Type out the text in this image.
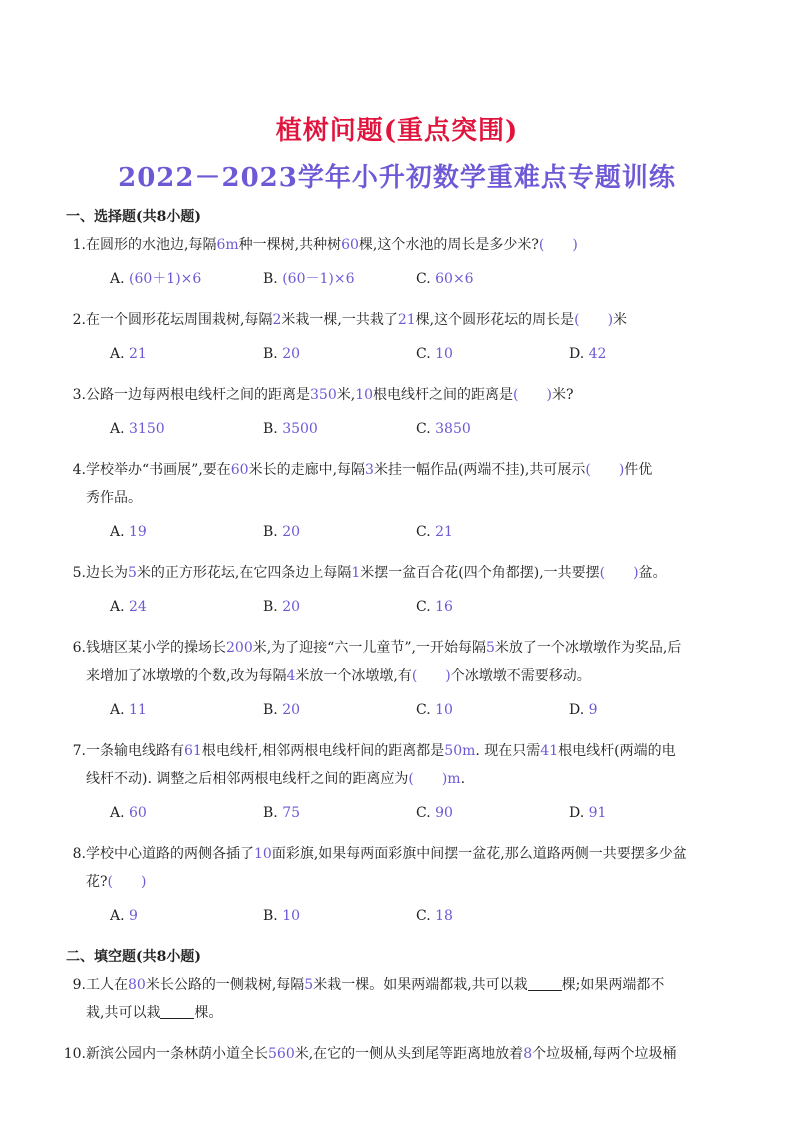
植树问题(重点突围)
2022－2023学年小升初数学重难点专题训练
一、选择题(共8小题)
1. 在圆形的水池边,每隔6m种一棵树,共种树60棵,这个水池的周长是多少米?( )
A. (60＋1)×6	B. (60－1)×6	C. 60×6
2. 在一个圆形花坛周围栽树,每隔2米栽一棵,一共栽了21棵,这个圆形花坛的周长是( )米
A. 21	B. 20	C. 10	D. 42
3. 公路一边每两根电线杆之间的距离是350米,10根电线杆之间的距离是( )米?
A. 3150	B. 3500	C. 3850
4. 学校举办“书画展”,要在60米长的走廊中,每隔3米挂一幅作品(两端不挂),共可展示( )件优
秀作品。
A. 19	B. 20	C. 21
5. 边长为5米的正方形花坛,在它四条边上每隔1米摆一盆百合花(四个角都摆),一共要摆( )盆。
A. 24	B. 20	C. 16
6. 钱塘区某小学的操场长200米,为了迎接“六一儿童节”,一开始每隔5米放了一个冰墩墩作为奖品,后
来增加了冰墩墩的个数,改为每隔4米放一个冰墩墩,有( )个冰墩墩不需要移动。
A. 11	B. 20	C. 10	D. 9
7. 一条输电线路有61根电线杆,相邻两根电线杆间的距离都是50m. 现在只需41根电线杆(两端的电
线杆不动). 调整之后相邻两根电线杆之间的距离应为( )m.
A. 60	B. 75	C. 90	D. 91
8. 学校中心道路的两侧各插了10面彩旗,如果每两面彩旗中间摆一盆花,那么道路两侧一共要摆多少盆
花?( )
A. 9	B. 10	C. 18
二、填空题(共8小题)
9. 工人在80米长公路的一侧栽树,每隔5米栽一棵。如果两端都栽,共可以栽 棵;如果两端都不
栽,共可以栽 棵。
10. 新滨公园内一条林荫小道全长560米,在它的一侧从头到尾等距离地放着8个垃圾桶,每两个垃圾桶
